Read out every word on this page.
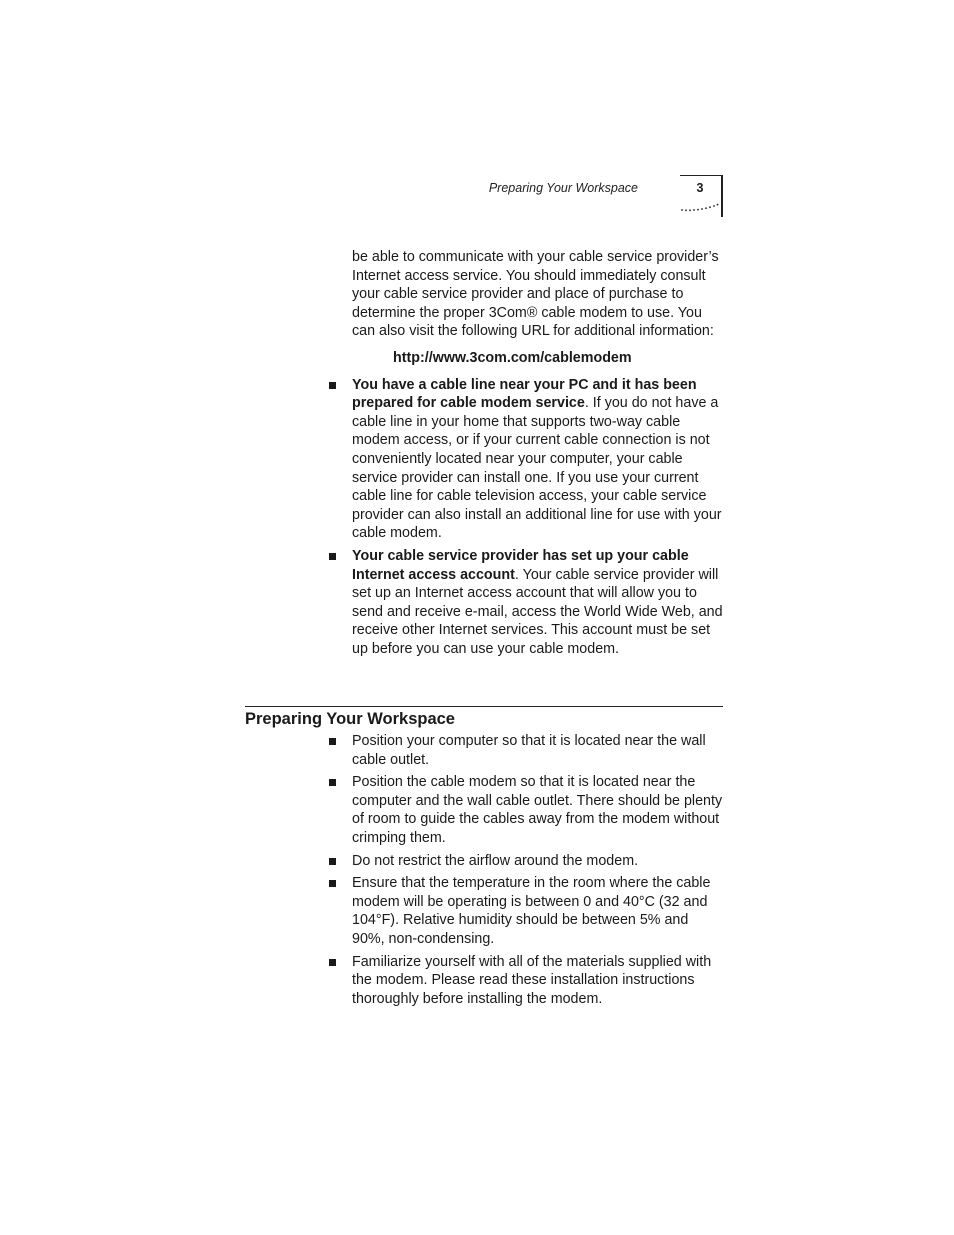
Preparing Your Workspace	3

be able to communicate with your cable service provider’s Internet access service. You should immediately consult your cable service provider and place of purchase to determine the proper 3Com® cable modem to use. You can also visit the following URL for additional information:

http://www.3com.com/cablemodem

You have a cable line near your PC and it has been prepared for cable modem service. If you do not have a cable line in your home that supports two-way cable modem access, or if your current cable connection is not conveniently located near your computer, your cable service provider can install one. If you use your current cable line for cable television access, your cable service provider can also install an additional line for use with your cable modem.
Your cable service provider has set up your cable Internet access account. Your cable service provider will set up an Internet access account that will allow you to send and receive e-mail, access the World Wide Web, and receive other Internet services. This account must be set up before you can use your cable modem.
Preparing Your Workspace
Position your computer so that it is located near the wall cable outlet.
Position the cable modem so that it is located near the computer and the wall cable outlet. There should be plenty of room to guide the cables away from the modem without crimping them.
Do not restrict the airflow around the modem.
Ensure that the temperature in the room where the cable modem will be operating is between 0 and 40°C (32 and 104°F). Relative humidity should be between 5% and 90%, non-condensing.
Familiarize yourself with all of the materials supplied with the modem. Please read these installation instructions thoroughly before installing the modem.
